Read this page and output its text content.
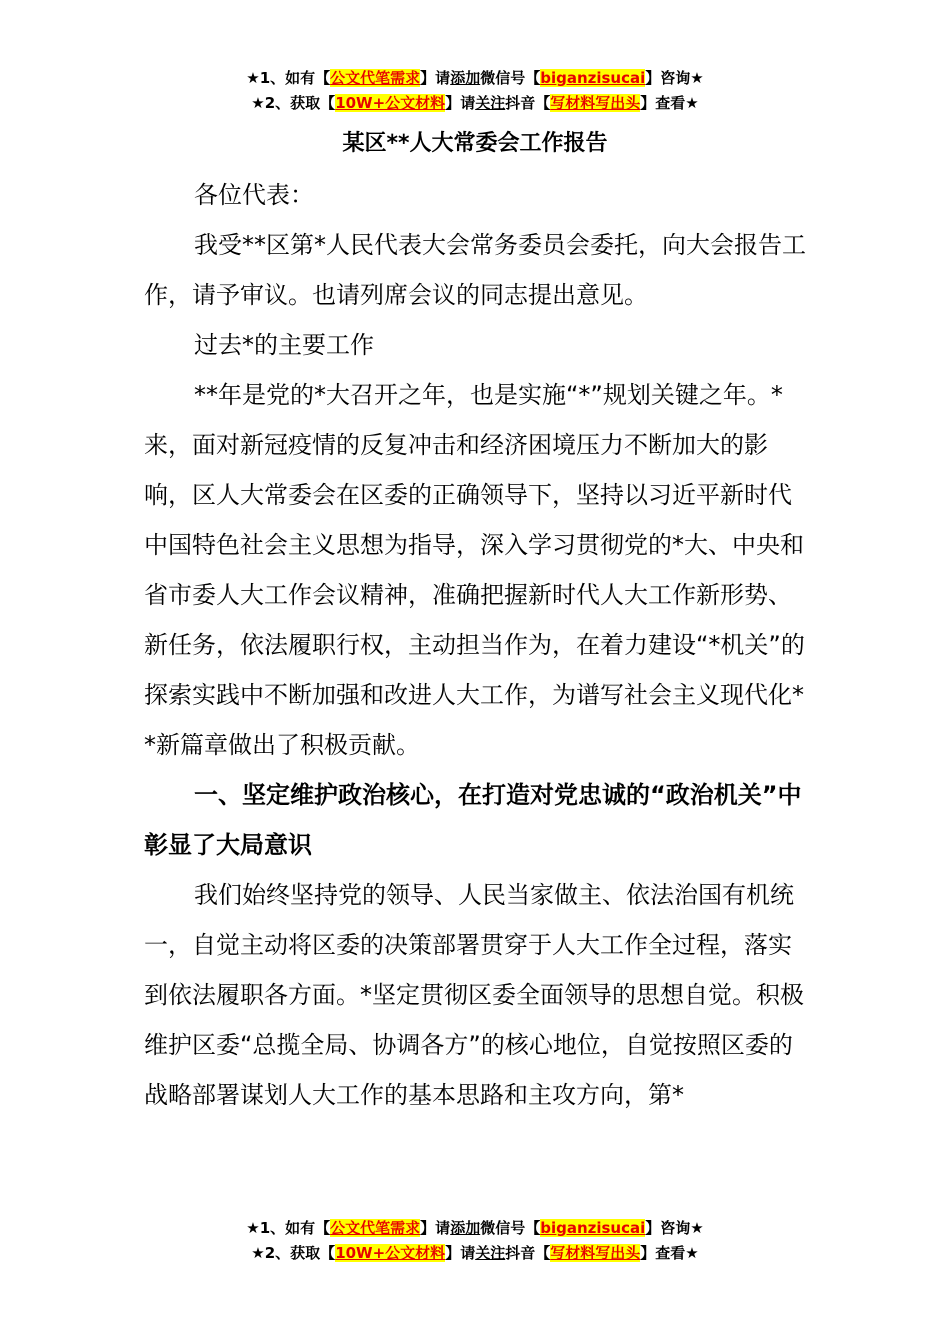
★1、如有【公文代笔需求】请添加微信号【biganzisucai】咨询★
★2、获取【10W+公文材料】请关注抖音【写材料写出头】查看★
某区**人大常委会工作报告

各位代表：

我受**区第*人民代表大会常务委员会委托，向大会报告工作，请予审议。也请列席会议的同志提出意见。

过去*的主要工作

**年是党的*大召开之年，也是实施“*”规划关键之年。*来，面对新冠疫情的反复冲击和经济困境压力不断加大的影响，区人大常委会在区委的正确领导下，坚持以习近平新时代中国特色社会主义思想为指导，深入学习贯彻党的*大、中央和省市委人大工作会议精神，准确把握新时代人大工作新形势、新任务，依法履职行权，主动担当作为，在着力建设“*机关”的探索实践中不断加强和改进人大工作，为谱写社会主义现代化**新篇章做出了积极贡献。

一、坚定维护政治核心，在打造对党忠诚的“政治机关”中彰显了大局意识

我们始终坚持党的领导、人民当家做主、依法治国有机统一，自觉主动将区委的决策部署贯穿于人大工作全过程，落实到依法履职各方面。*坚定贯彻区委全面领导的思想自觉。积极维护区委“总揽全局、协调各方”的核心地位，自觉按照区委的战略部署谋划人大工作的基本思路和主攻方向，第*

★1、如有【公文代笔需求】请添加微信号【biganzisucai】咨询★
★2、获取【10W+公文材料】请关注抖音【写材料写出头】查看★
